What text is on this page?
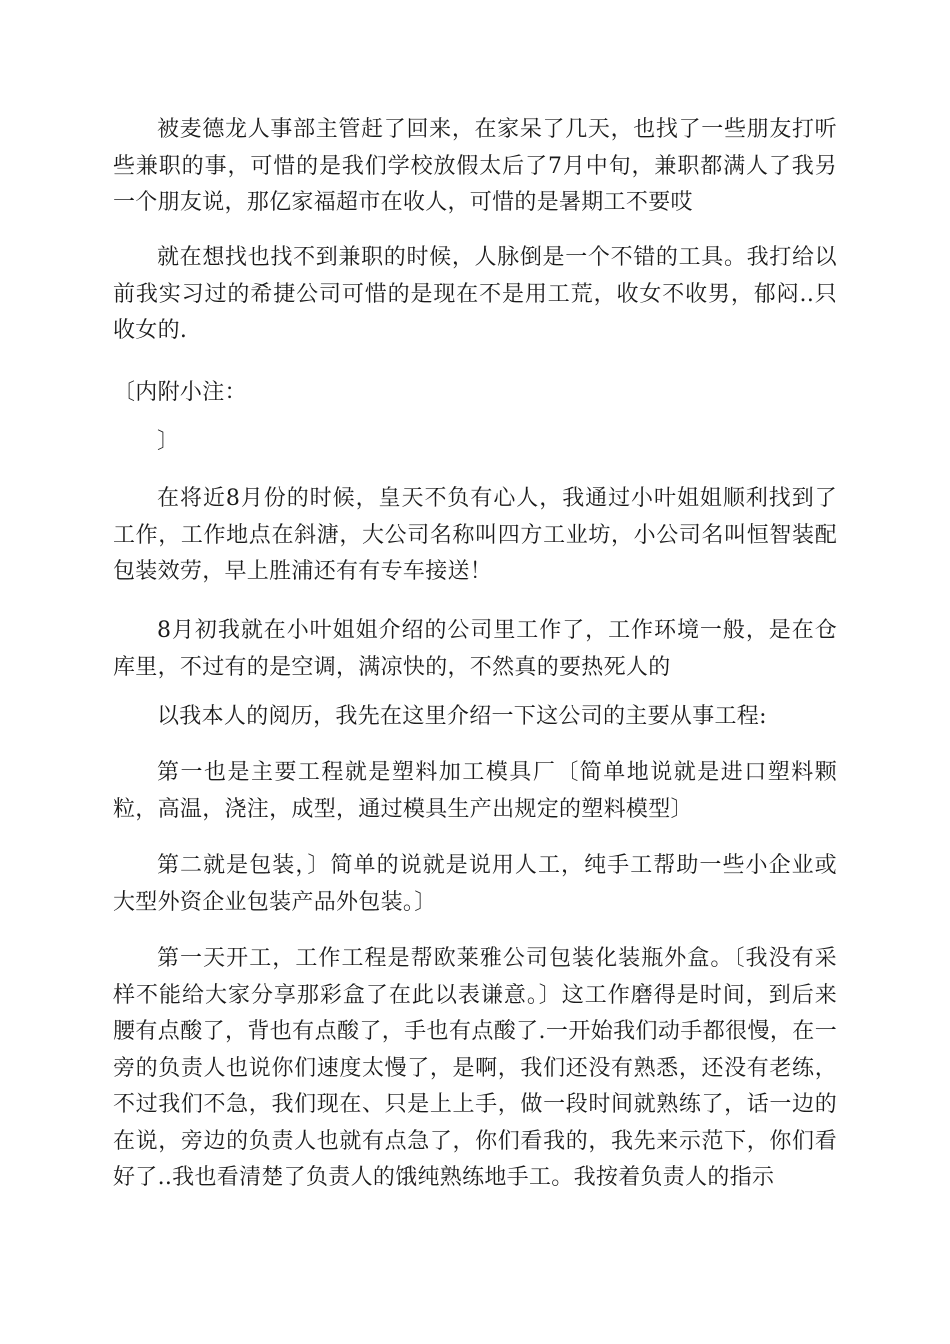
被麦德龙人事部主管赶了回来，在家呆了几天，也找了一些朋友打听些兼职的事，可惜的是我们学校放假太后了7月中旬，兼职都满人了我另一个朋友说，那亿家福超市在收人，可惜的是暑期工不要哎

就在想找也找不到兼职的时候，人脉倒是一个不错的工具。我打给以前我实习过的希捷公司可惜的是现在不是用工荒，收女不收男，郁闷..只收女的.

〔内附小注：

〕

在将近8月份的时候，皇天不负有心人，我通过小叶姐姐顺利找到了工作，工作地点在斜溏，大公司名称叫四方工业坊，小公司名叫恒智装配包装效劳，早上胜浦还有有专车接送！

8月初我就在小叶姐姐介绍的公司里工作了，工作环境一般，是在仓库里，不过有的是空调，满凉快的，不然真的要热死人的

以我本人的阅历，我先在这里介绍一下这公司的主要从事工程:

第一也是主要工程就是塑料加工模具厂〔简单地说就是进口塑料颗粒，高温，浇注，成型，通过模具生产出规定的塑料模型〕

第二就是包装，〕简单的说就是说用人工，纯手工帮助一些小企业或大型外资企业包装产品外包装。〕

第一天开工，工作工程是帮欧莱雅公司包装化装瓶外盒。〔我没有采样不能给大家分享那彩盒了在此以表谦意。〕这工作磨得是时间，到后来腰有点酸了，背也有点酸了，手也有点酸了.一开始我们动手都很慢，在一旁的负责人也说你们速度太慢了，是啊，我们还没有熟悉，还没有老练，不过我们不急，我们现在、只是上上手，做一段时间就熟练了，话一边的在说，旁边的负责人也就有点急了，你们看我的，我先来示范下，你们看好了..我也看清楚了负责人的饿纯熟练地手工。我按着负责人的指示
